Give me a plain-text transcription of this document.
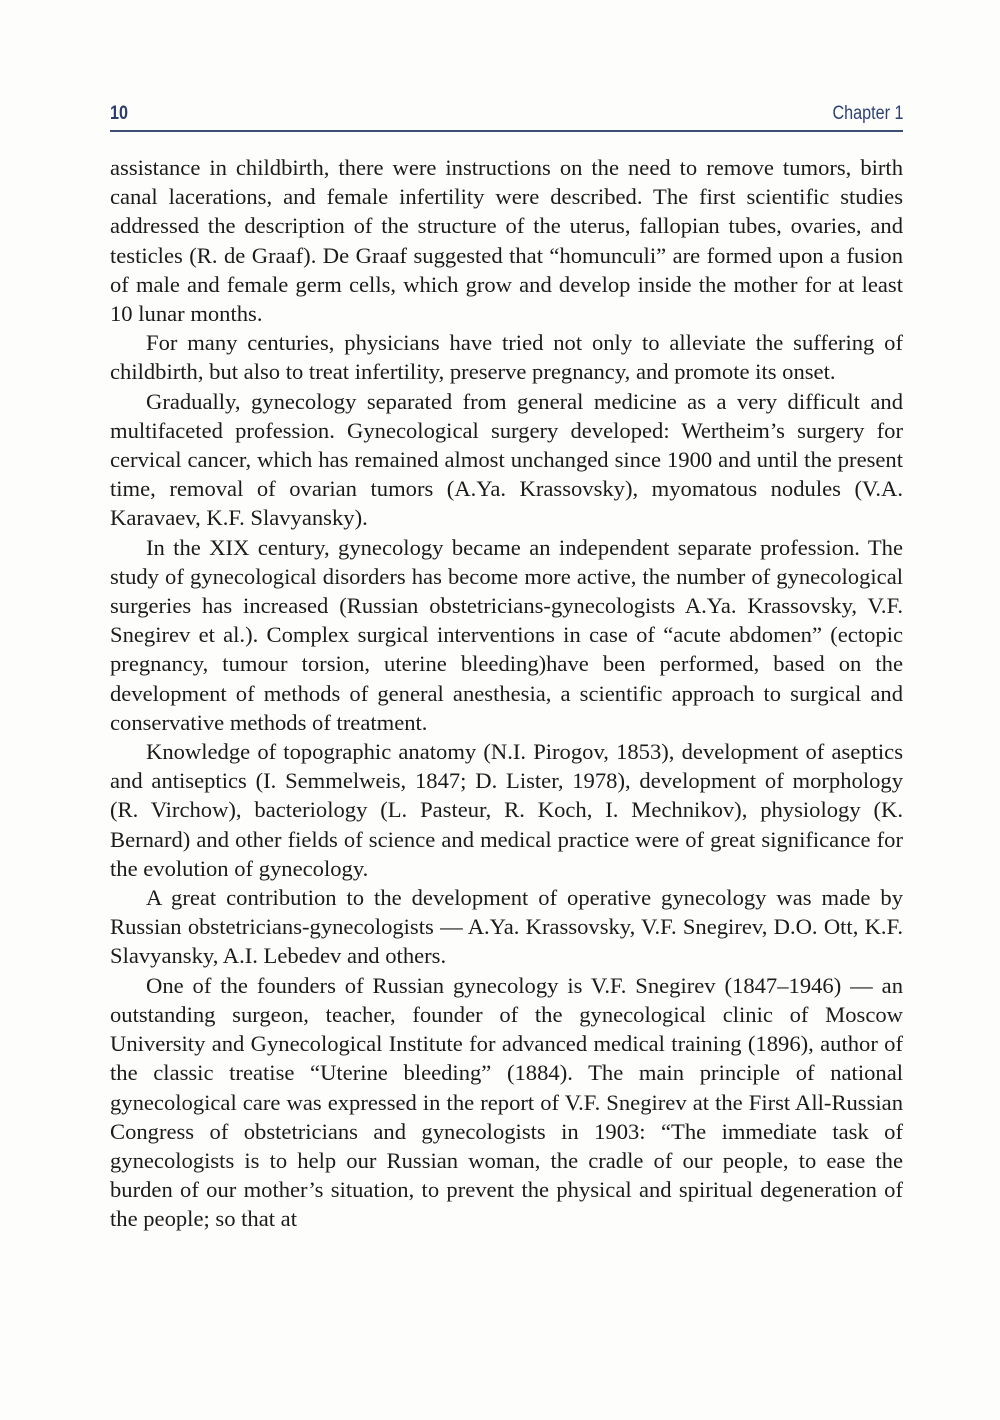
10	Chapter 1

assistance in childbirth, there were instructions on the need to remove tumors, birth canal lacerations, and female infertility were described. The first scientific studies addressed the description of the structure of the uterus, fallopian tubes, ovaries, and testicles (R. de Graaf). De Graaf suggested that “homunculi” are formed upon a fusion of male and female germ cells, which grow and develop inside the mother for at least 10 lunar months.

For many centuries, physicians have tried not only to alleviate the suffering of childbirth, but also to treat infertility, preserve pregnancy, and promote its onset.

Gradually, gynecology separated from general medicine as a very difficult and multifaceted profession. Gynecological surgery developed: Wertheim’s surgery for cervical cancer, which has remained almost unchanged since 1900 and until the present time, removal of ovarian tumors (A.Ya. Krassovsky), myomatous nodules (V.A. Karavaev, K.F. Slavyansky).

In the XIX century, gynecology became an independent separate profession. The study of gynecological disorders has become more active, the number of gynecological surgeries has increased (Russian obstetricians-gynecologists A.Ya. Krassovsky, V.F. Snegirev et al.). Complex surgical interventions in case of “acute abdomen” (ectopic pregnancy, tumour torsion, uterine bleeding)have been performed, based on the development of methods of general anesthesia, a scientific approach to surgical and conservative methods of treatment.

Knowledge of topographic anatomy (N.I. Pirogov, 1853), development of aseptics and antiseptics (I. Semmelweis, 1847; D. Lister, 1978), development of morphology (R. Virchow), bacteriology (L. Pasteur, R. Koch, I. Mechnikov), physiology (K. Bernard) and other fields of science and medical practice were of great significance for the evolution of gynecology.

A great contribution to the development of operative gynecology was made by Russian obstetricians-gynecologists — A.Ya. Krassovsky, V.F. Snegirev, D.O. Ott, K.F. Slavyansky, A.I. Lebedev and others.

One of the founders of Russian gynecology is V.F. Snegirev (1847–1946) — an outstanding surgeon, teacher, founder of the gynecological clinic of Moscow University and Gynecological Institute for advanced medical training (1896), author of the classic treatise “Uterine bleeding” (1884). The main principle of national gynecological care was expressed in the report of V.F. Snegirev at the First All-Russian Congress of obstetricians and gynecologists in 1903: “The immediate task of gynecologists is to help our Russian woman, the cradle of our people, to ease the burden of our mother’s situation, to prevent the physical and spiritual degeneration of the people; so that at
